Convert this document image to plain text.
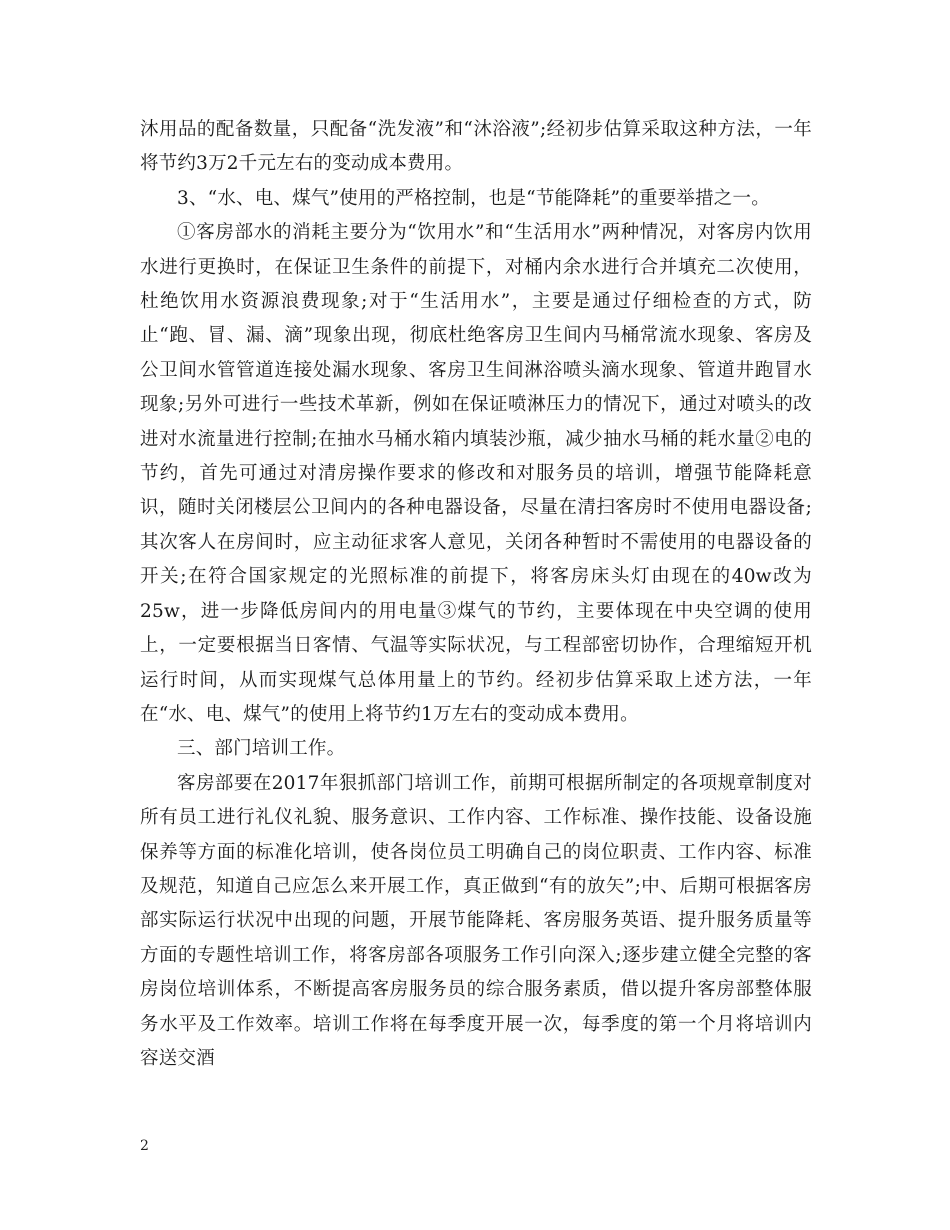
沐用品的配备数量，只配备“洗发液”和“沐浴液”;经初步估算采取这种方法，一年将节约3万2千元左右的变动成本费用。

3、“水、电、煤气”使用的严格控制，也是“节能降耗”的重要举措之一。

①客房部水的消耗主要分为“饮用水”和“生活用水”两种情况，对客房内饮用水进行更换时，在保证卫生条件的前提下，对桶内余水进行合并填充二次使用，杜绝饮用水资源浪费现象;对于“生活用水”，主要是通过仔细检查的方式，防止“跑、冒、漏、滴”现象出现，彻底杜绝客房卫生间内马桶常流水现象、客房及公卫间水管管道连接处漏水现象、客房卫生间淋浴喷头滴水现象、管道井跑冒水现象;另外可进行一些技术革新，例如在保证喷淋压力的情况下，通过对喷头的改进对水流量进行控制;在抽水马桶水箱内填装沙瓶，减少抽水马桶的耗水量②电的节约，首先可通过对清房操作要求的修改和对服务员的培训，增强节能降耗意识，随时关闭楼层公卫间内的各种电器设备，尽量在清扫客房时不使用电器设备;其次客人在房间时，应主动征求客人意见，关闭各种暂时不需使用的电器设备的开关;在符合国家规定的光照标准的前提下，将客房床头灯由现在的40w改为25w，进一步降低房间内的用电量③煤气的节约，主要体现在中央空调的使用上，一定要根据当日客情、气温等实际状况，与工程部密切协作，合理缩短开机运行时间，从而实现煤气总体用量上的节约。经初步估算采取上述方法，一年在“水、电、煤气”的使用上将节约1万左右的变动成本费用。

三、部门培训工作。

客房部要在2017年狠抓部门培训工作，前期可根据所制定的各项规章制度对所有员工进行礼仪礼貌、服务意识、工作内容、工作标准、操作技能、设备设施保养等方面的标准化培训，使各岗位员工明确自己的岗位职责、工作内容、标准及规范，知道自己应怎么来开展工作，真正做到“有的放矢”;中、后期可根据客房部实际运行状况中出现的问题，开展节能降耗、客房服务英语、提升服务质量等方面的专题性培训工作，将客房部各项服务工作引向深入;逐步建立健全完整的客房岗位培训体系，不断提高客房服务员的综合服务素质，借以提升客房部整体服务水平及工作效率。培训工作将在每季度开展一次，每季度的第一个月将培训内容送交酒

2
